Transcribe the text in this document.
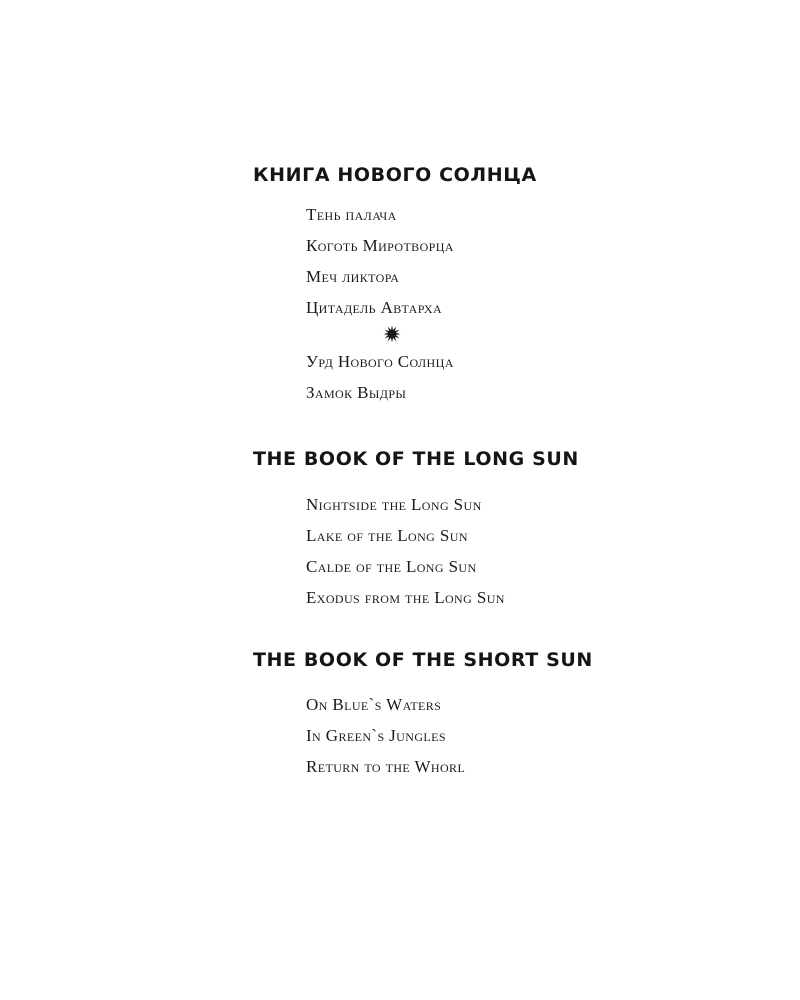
КНИГА НОВОГО СОЛНЦА

Тень палача

Коготь Миротворца

Меч ликтора

Цитадель Автарха

Урд Нового Солнца

Замок Выдры

THE BOOK OF THE LONG SUN

Nightside the Long Sun

Lake of the Long Sun

Calde of the Long Sun

Exodus from the Long Sun

THE BOOK OF THE SHORT SUN

On Blue`s Waters

In Green`s Jungles

Return to the Whorl
